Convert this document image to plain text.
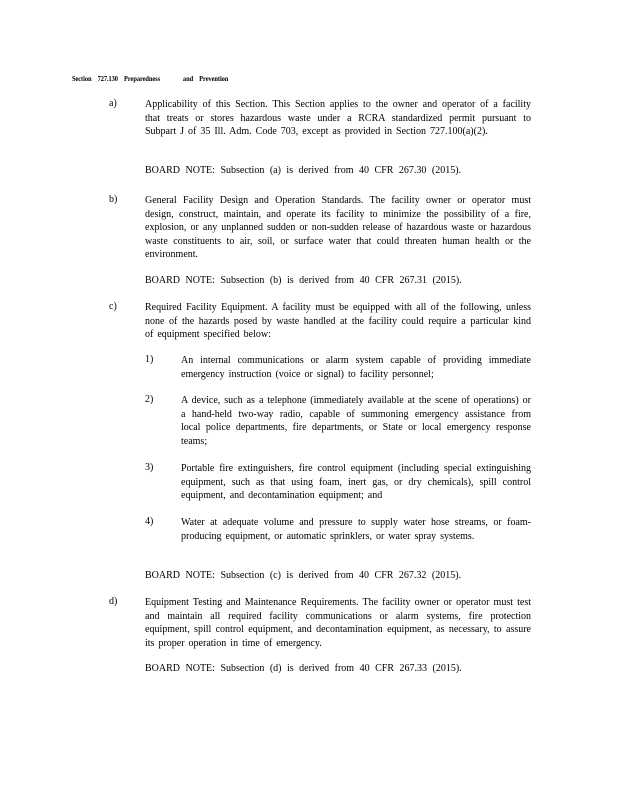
Section    727.130    Preparedness               and    Prevention
a)	Applicability of this Section. This Section applies to the owner and operator of a facility that treats or stores hazardous waste under a RCRA standardized permit pursuant to Subpart J of 35 Ill. Adm. Code 703, except as provided in Section 727.100(a)(2).
BOARD NOTE: Subsection (a) is derived from 40 CFR 267.30 (2015).
b)	General Facility Design and Operation Standards. The facility owner or operator must design, construct, maintain, and operate its facility to minimize the possibility of a fire, explosion, or any unplanned sudden or non-sudden release of hazardous waste or hazardous waste constituents to air, soil, or surface water that could threaten human health or the environment.
BOARD NOTE: Subsection (b) is derived from 40 CFR 267.31 (2015).
c)	Required Facility Equipment. A facility must be equipped with all of the following, unless none of the hazards posed by waste handled at the facility could require a particular kind of equipment specified below:
1)	An internal communications or alarm system capable of providing immediate emergency instruction (voice or signal) to facility personnel;
2)	A device, such as a telephone (immediately available at the scene of operations) or a hand-held two-way radio, capable of summoning emergency assistance from local police departments, fire departments, or State or local emergency response teams;
3)	Portable fire extinguishers, fire control equipment (including special extinguishing equipment, such as that using foam, inert gas, or dry chemicals), spill control equipment, and decontamination equipment; and
4)	Water at adequate volume and pressure to supply water hose streams, or foam-producing equipment, or automatic sprinklers, or water spray systems.
BOARD NOTE: Subsection (c) is derived from 40 CFR 267.32 (2015).
d)	Equipment Testing and Maintenance Requirements. The facility owner or operator must test and maintain all required facility communications or alarm systems, fire protection equipment, spill control equipment, and decontamination equipment, as necessary, to assure its proper operation in time of emergency.
BOARD NOTE: Subsection (d) is derived from 40 CFR 267.33 (2015).
